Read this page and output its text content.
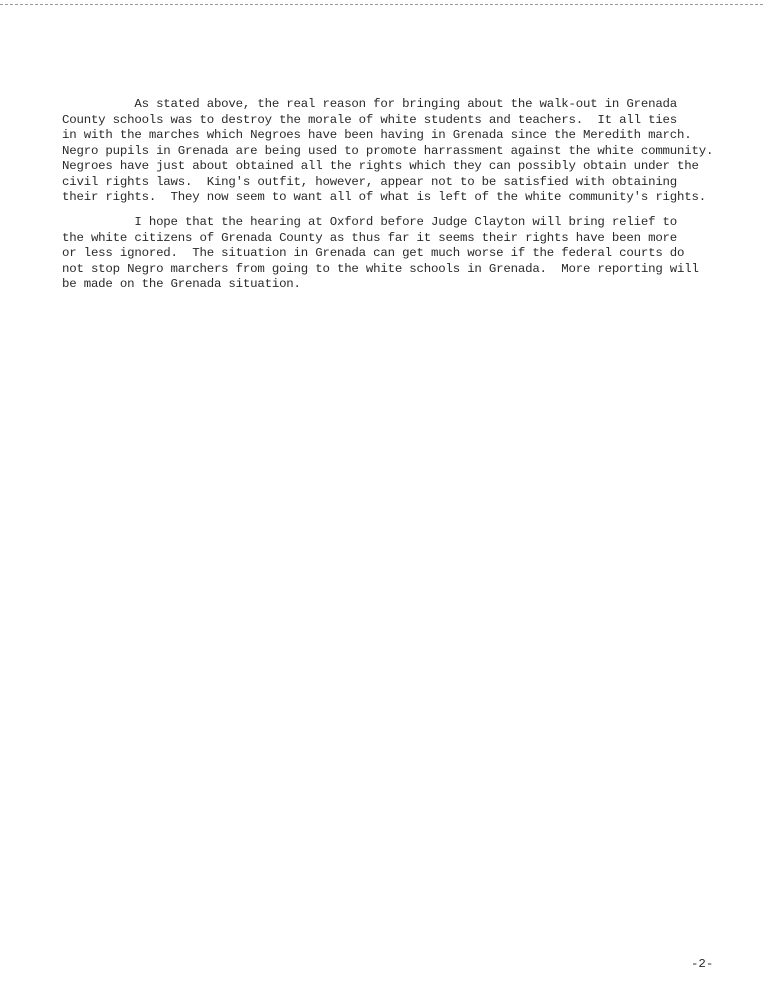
As stated above, the real reason for bringing about the walk-out in Grenada
County schools was to destroy the morale of white students and teachers.  It all ties
in with the marches which Negroes have been having in Grenada since the Meredith march.
Negro pupils in Grenada are being used to promote harrassment against the white community.
Negroes have just about obtained all the rights which they can possibly obtain under the
civil rights laws.  King's outfit, however, appear not to be satisfied with obtaining
their rights.  They now seem to want all of what is left of the white community's rights.
I hope that the hearing at Oxford before Judge Clayton will bring relief to
the white citizens of Grenada County as thus far it seems their rights have been more
or less ignored.  The situation in Grenada can get much worse if the federal courts do
not stop Negro marchers from going to the white schools in Grenada.  More reporting will
be made on the Grenada situation.
-2-
